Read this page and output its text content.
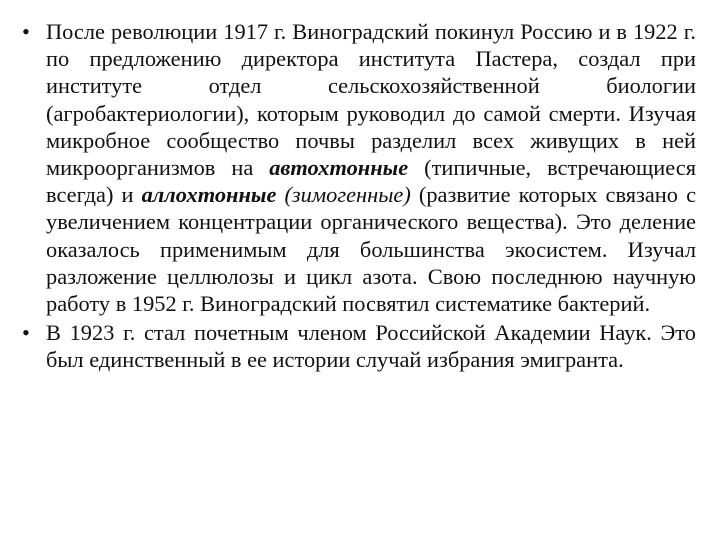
• После революции 1917 г. Виноградский покинул Россию и в 1922 г. по предложению директора института Пастера, создал при институте отдел сельскохозяйственной биологии (агробактериологии), которым руководил до самой смерти. Изучая микробное сообщество почвы разделил всех живущих в ней микроорганизмов на автохтонные (типичные, встречающиеся всегда) и аллохтонные (зимогенные) (развитие которых связано с увеличением концентрации органического вещества). Это деление оказалось применимым для большинства экосистем. Изучал разложение целлюлозы и цикл азота. Свою последнюю научную работу в 1952 г. Виноградский посвятил систематике бактерий.
• В 1923 г. стал почетным членом Российской Академии Наук. Это был единственный в ее истории случай избрания эмигранта.
